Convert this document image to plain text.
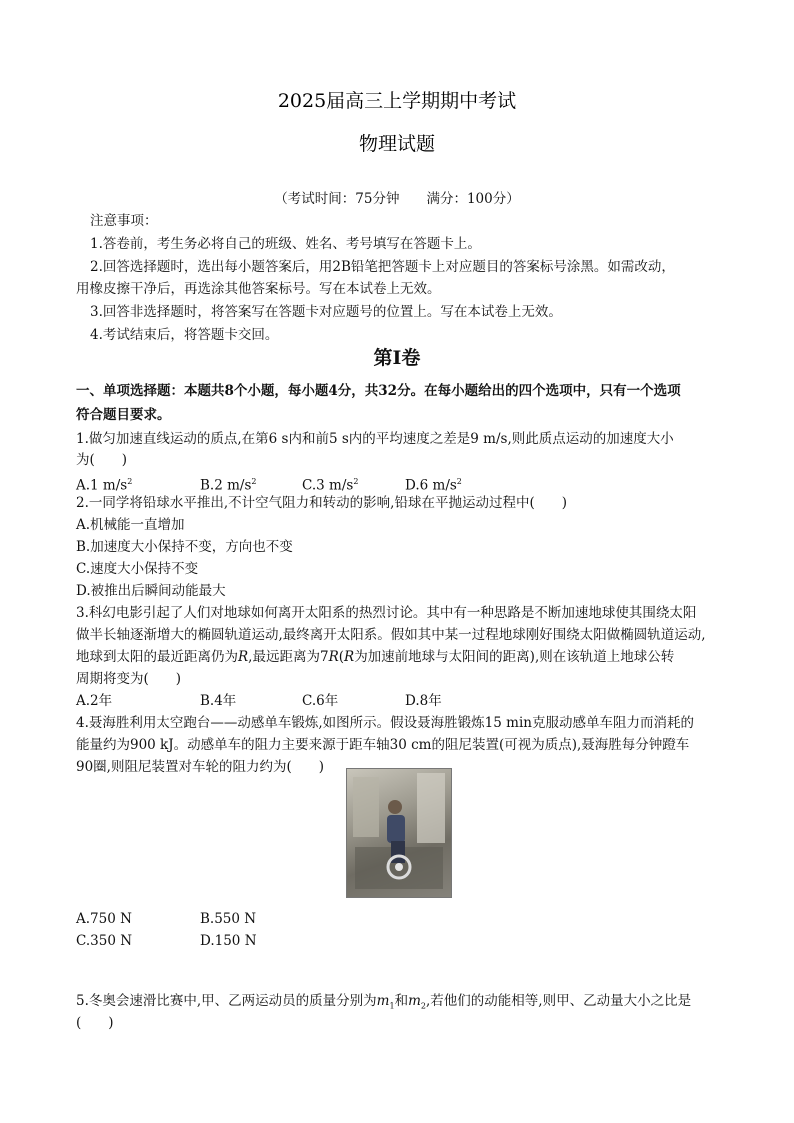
2025届高三上学期期中考试
物理试题
（考试时间：75分钟　　满分：100分）
注意事项：
1.答卷前，考生务必将自己的班级、姓名、考号填写在答题卡上。
2.回答选择题时，选出每小题答案后，用2B铅笔把答题卡上对应题目的答案标号涂黑。如需改动，
用橡皮擦干净后，再选涂其他答案标号。写在本试卷上无效。
3.回答非选择题时，将答案写在答题卡对应题号的位置上。写在本试卷上无效。
4.考试结束后，将答题卡交回。
第Ⅰ卷
一、单项选择题：本题共8个小题，每小题4分，共32分。在每小题给出的四个选项中，只有一个选项
符合题目要求。
1.做匀加速直线运动的质点,在第6 s内和前5 s内的平均速度之差是9 m/s,则此质点运动的加速度大小
为(　　)
A.1 $m/s^2$	B.2 $m/s^2$	C.3 $m/s^2$	D.6 $m/s^2$
2.一同学将铅球水平推出,不计空气阻力和转动的影响,铅球在平抛运动过程中(　　)
A.机械能一直增加
B.加速度大小保持不变，方向也不变
C.速度大小保持不变
D.被推出后瞬间动能最大
3.科幻电影引起了人们对地球如何离开太阳系的热烈讨论。其中有一种思路是不断加速地球使其围绕太阳
做半长轴逐渐增大的椭圆轨道运动,最终离开太阳系。假如其中某一过程地球刚好围绕太阳做椭圆轨道运动,
地球到太阳的最近距离仍为R,最远距离为7R(R为加速前地球与太阳间的距离),则在该轨道上地球公转
周期将变为(　　)
A.2年	B.4年	C.6年	D.8年
4.聂海胜利用太空跑台——动感单车锻炼,如图所示。假设聂海胜锻炼15 min克服动感单车阻力而消耗的
能量约为900 kJ。动感单车的阻力主要来源于距车轴30 cm的阻尼装置(可视为质点),聂海胜每分钟蹬车
90圈,则阻尼装置对车轮的阻力约为(　　)
A.750 N	B.550 N
C.350 N	D.150 N
5.冬奥会速滑比赛中,甲、乙两运动员的质量分别为$m_1$和$m_2$,若他们的动能相等,则甲、乙动量大小之比是
(　　)
